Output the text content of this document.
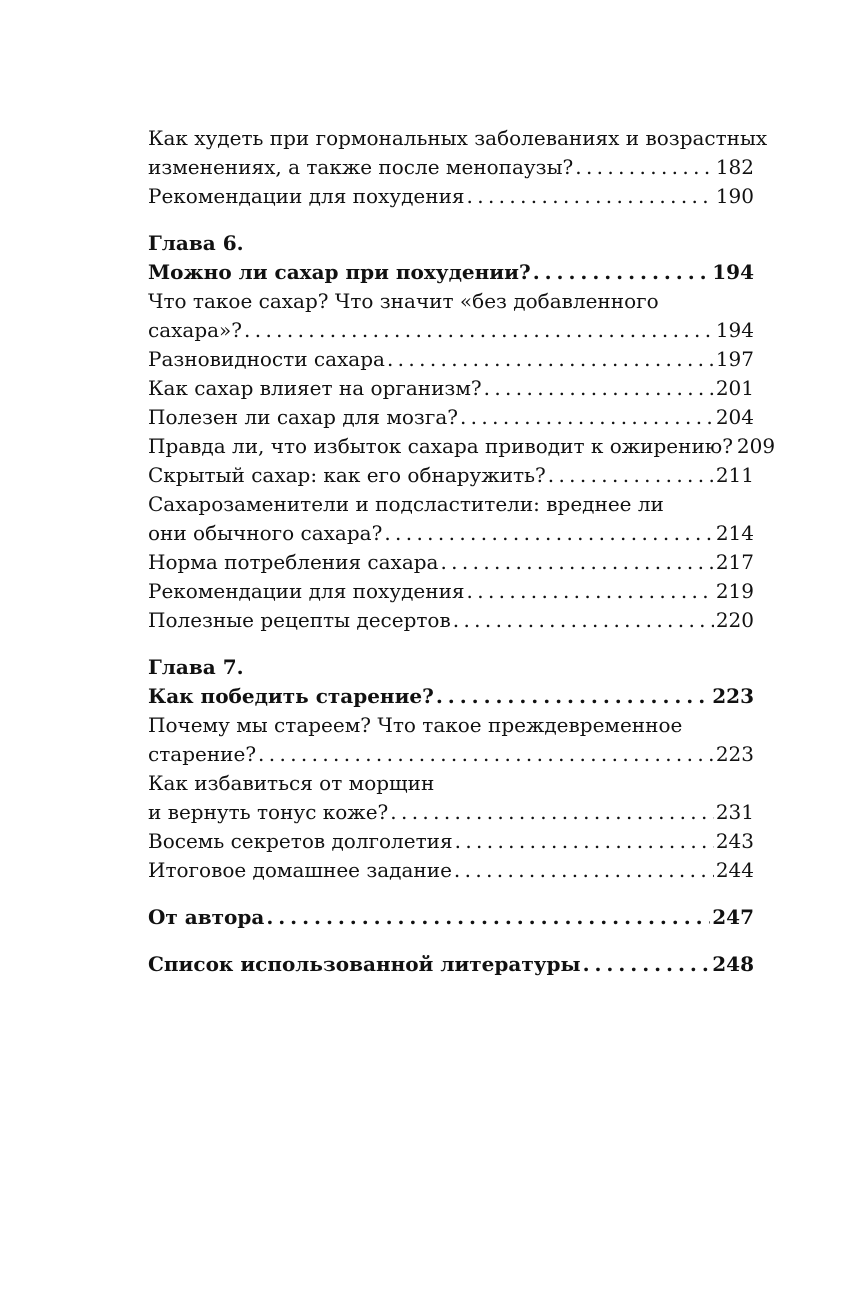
Как худеть при гормональных заболеваниях и возрастных
изменениях, а также после менопаузы? . . .	182
Рекомендации для похудения . . .	190
Глава 6.
Можно ли сахар при похудении? . . .	194
Что такое сахар? Что значит «без добавленного
сахара»? . . .	194
Разновидности сахара . . .	197
Как сахар влияет на организм? . . .	201
Полезен ли сахар для мозга? . . .	204
Правда ли, что избыток сахара приводит к ожирению? 209
Скрытый сахар: как его обнаружить? . . .	211
Сахарозаменители и подсластители: вреднее ли
они обычного сахара? . . .	214
Норма потребления сахара . . .	217
Рекомендации для похудения . . .	219
Полезные рецепты десертов . . .	220
Глава 7.
Как победить старение? . . .	223
Почему мы стареем? Что такое преждевременное
старение? . . .	223
Как избавиться от морщин
и вернуть тонус коже? . . .	231
Восемь секретов долголетия . . .	243
Итоговое домашнее задание . . .	244
От автора . . .	247
Список использованной литературы . . .	248
